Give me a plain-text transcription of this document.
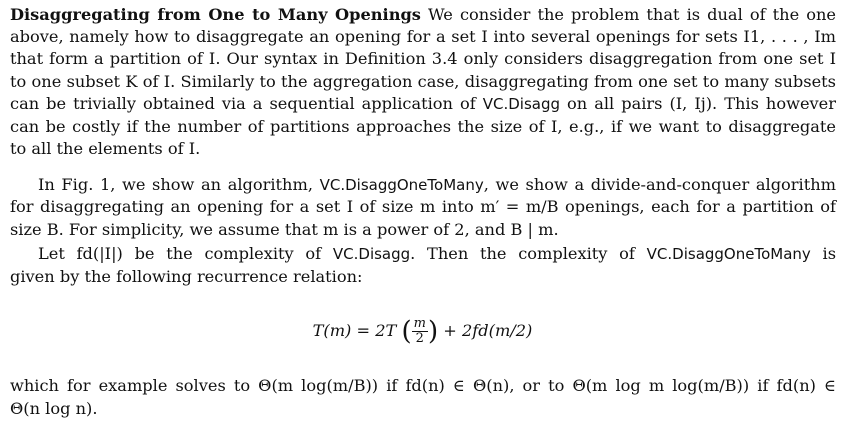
Disaggregating from One to Many Openings We consider the problem that is dual of the one
above, namely how to disaggregate an opening for a set I into several openings for sets I1, . . . , Im
that form a partition of I. Our syntax in Definition 3.4 only considers disaggregation from one set I
to one subset K of I. Similarly to the aggregation case, disaggregating from one set to many subsets
can be trivially obtained via a sequential application of VC.Disagg on all pairs (I, Ij). This however
can be costly if the number of partitions approaches the size of I, e.g., if we want to disaggregate
to all the elements of I.
In Fig. 1, we show an algorithm, VC.DisaggOneToMany, we show a divide-and-conquer algorithm
for disaggregating an opening for a set I of size m into m′ = m/B openings, each for a partition of
size B. For simplicity, we assume that m is a power of 2, and B | m.
Let fd(|I|) be the complexity of VC.Disagg. Then the complexity of VC.DisaggOneToMany is
given by the following recurrence relation:
T(m) = 2T ( $\frac{m}{2}$ ) + 2fd(m/2)
which for example solves to Θ(m log(m/B)) if fd(n) ∈ Θ(n), or to Θ(m log m log(m/B)) if fd(n) ∈
Θ(n log n).
